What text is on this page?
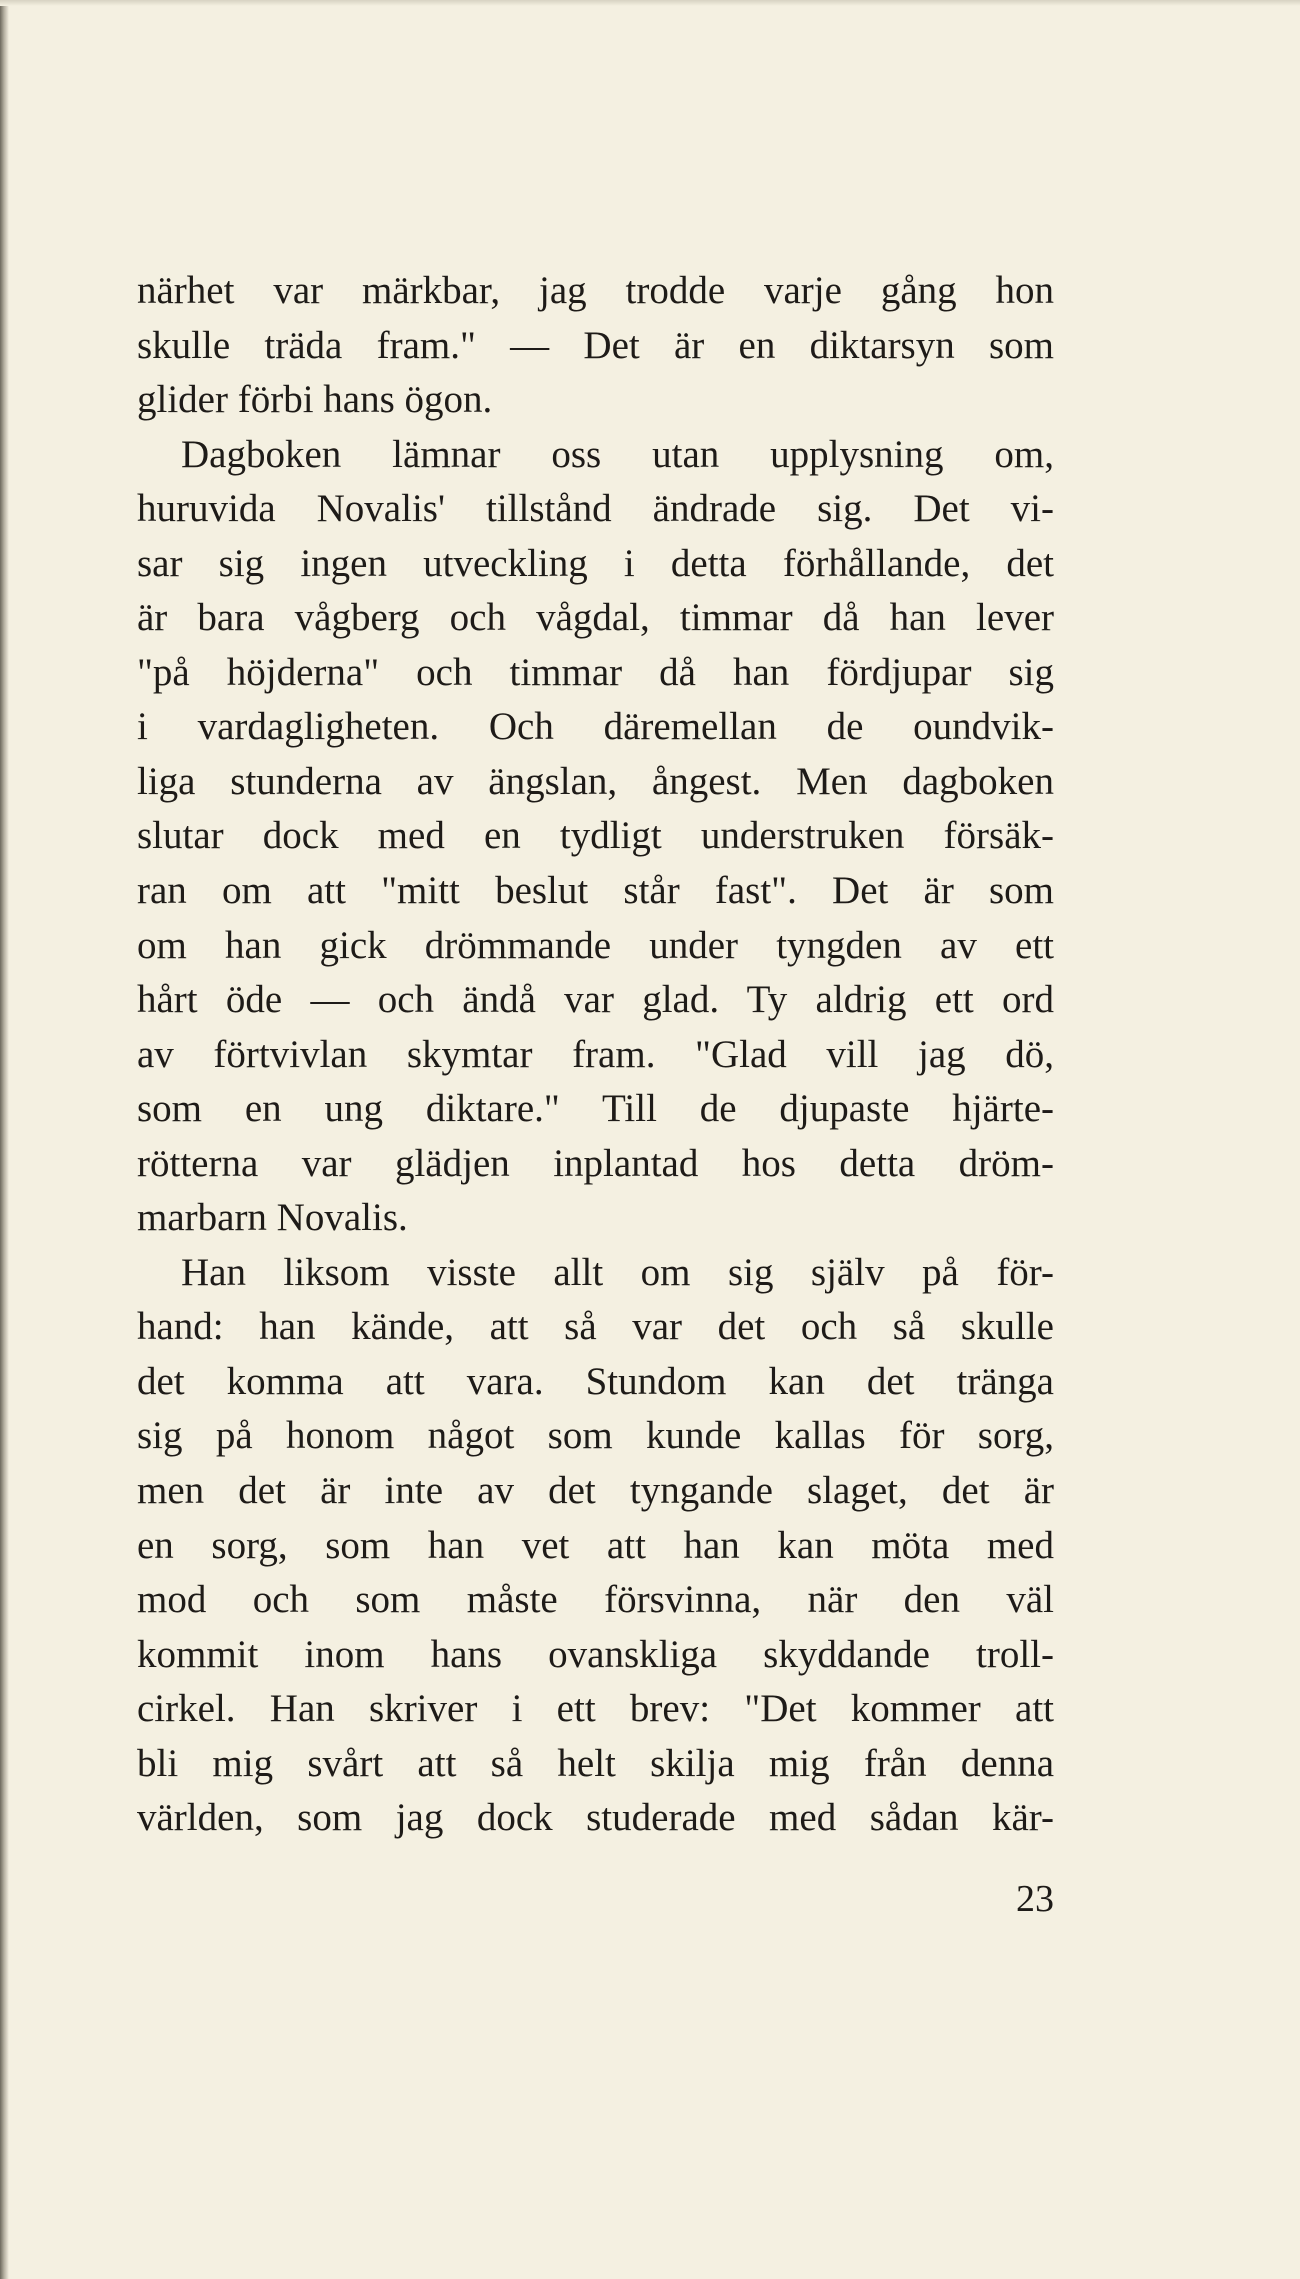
närhet var märkbar, jag trodde varje gång hon
skulle träda fram." — Det är en diktarsyn som
glider förbi hans ögon.
Dagboken lämnar oss utan upplysning om,
huruvida Novalis' tillstånd ändrade sig. Det vi-
sar sig ingen utveckling i detta förhållande, det
är bara vågberg och vågdal, timmar då han lever
"på höjderna" och timmar då han fördjupar sig
i vardagligheten. Och däremellan de oundvik-
liga stunderna av ängslan, ångest. Men dagboken
slutar dock med en tydligt understruken försäk-
ran om att "mitt beslut står fast". Det är som
om han gick drömmande under tyngden av ett
hårt öde — och ändå var glad. Ty aldrig ett ord
av förtvivlan skymtar fram. "Glad vill jag dö,
som en ung diktare." Till de djupaste hjärte-
rötterna var glädjen inplantad hos detta dröm-
marbarn Novalis.
Han liksom visste allt om sig själv på för-
hand: han kände, att så var det och så skulle
det komma att vara. Stundom kan det tränga
sig på honom något som kunde kallas för sorg,
men det är inte av det tyngande slaget, det är
en sorg, som han vet att han kan möta med
mod och som måste försvinna, när den väl
kommit inom hans ovanskliga skyddande troll-
cirkel. Han skriver i ett brev: "Det kommer att
bli mig svårt att så helt skilja mig från denna
världen, som jag dock studerade med sådan kär-
23
